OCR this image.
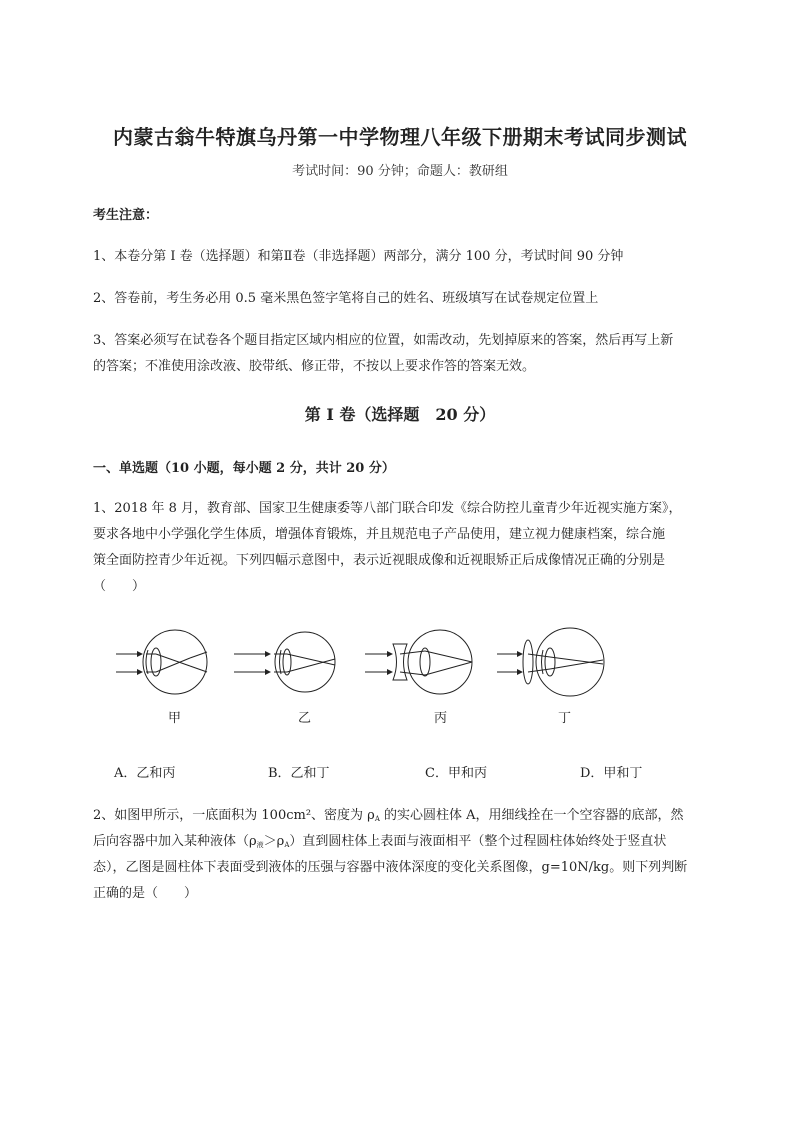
内蒙古翁牛特旗乌丹第一中学物理八年级下册期末考试同步测试
考试时间：90 分钟；命题人：教研组
考生注意：
1、本卷分第 I 卷（选择题）和第Ⅱ卷（非选择题）两部分，满分 100 分，考试时间 90 分钟
2、答卷前，考生务必用 0.5 毫米黑色签字笔将自己的姓名、班级填写在试卷规定位置上
3、答案必须写在试卷各个题目指定区域内相应的位置，如需改动，先划掉原来的答案，然后再写上新
的答案；不准使用涂改液、胶带纸、修正带，不按以上要求作答的答案无效。
第 I 卷（选择题　20 分）
一、单选题（10 小题，每小题 2 分，共计 20 分）
1、2018 年 8 月，教育部、国家卫生健康委等八部门联合印发《综合防控儿童青少年近视实施方案》，
要求各地中小学强化学生体质，增强体育锻炼，并且规范电子产品使用，建立视力健康档案，综合施
策全面防控青少年近视。下列四幅示意图中，表示近视眼成像和近视眼矫正后成像情况正确的分别是
（　　）
甲	乙	丙	丁
A．乙和丙	B．乙和丁	C．甲和丙	D．甲和丁
2、如图甲所示，一底面积为 100cm²、密度为 $\rho_A$ 的实心圆柱体 A，用细线拴在一个空容器的底部，然
后向容器中加入某种液体$(\rho_液>\rho_A)$直到圆柱体上表面与液面相平（整个过程圆柱体始终处于竖直状
态），乙图是圆柱体下表面受到液体的压强与容器中液体深度的变化关系图像，g=10N/kg。则下列判断
正确的是（　　）
